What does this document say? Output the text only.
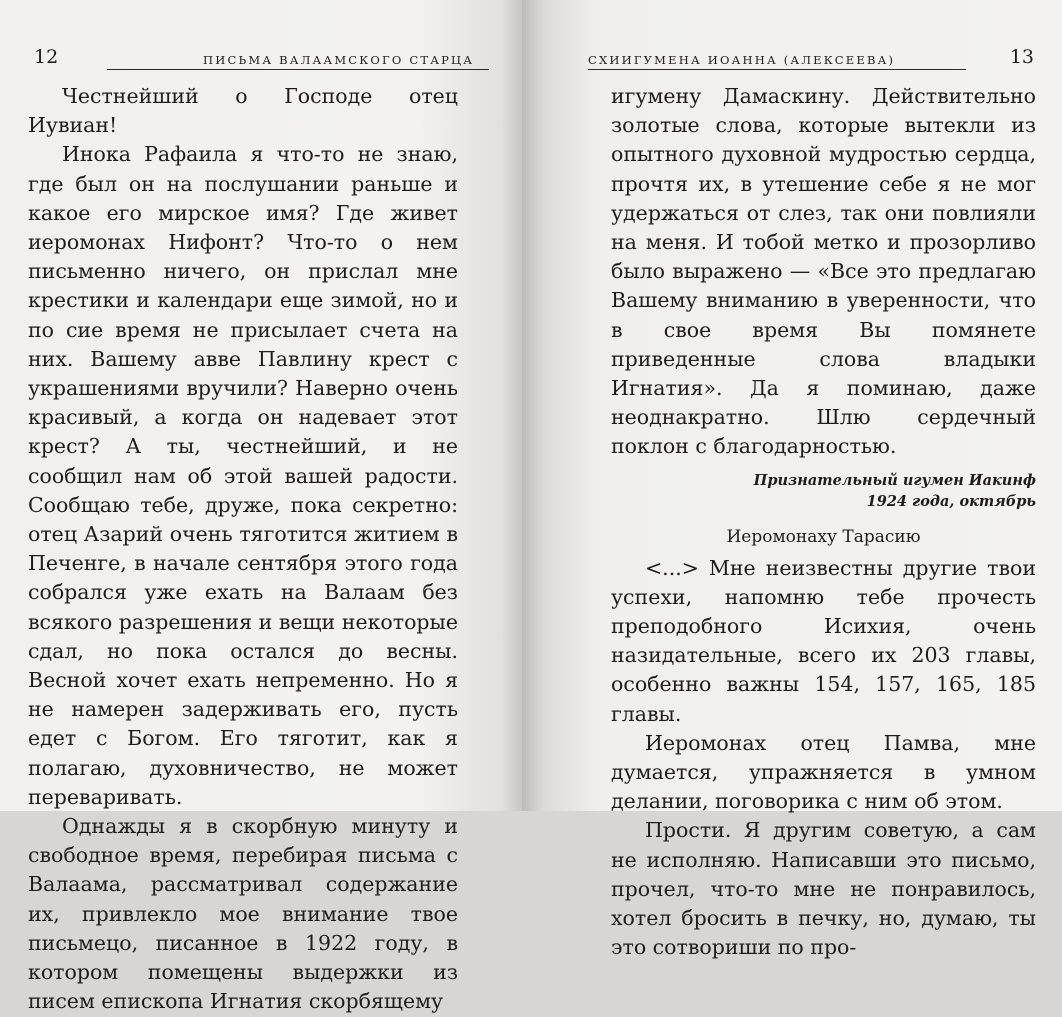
12	ПИСЬМА ВАЛААМСКОГО СТАРЦА

Честнейший о Господе отец Иувиан!

Инока Рафаила я что-то не знаю, где был он на послушании раньше и какое его мирское имя? Где живет иеромонах Нифонт? Что-то о нем письменно ничего, он прислал мне крестики и календари еще зимой, но и по сие время не присылает счета на них. Вашему авве Павлину крест с украшениями вручили? Наверно очень красивый, а когда он надевает этот крест? А ты, честнейший, и не сообщил нам об этой вашей радости. Сообщаю тебе, друже, пока секретно: отец Азарий очень тяготится житием в Печенге, в начале сентября этого года собрался уже ехать на Валаам без всякого разрешения и вещи некоторые сдал, но пока остался до весны. Весной хочет ехать непременно. Но я не намерен задерживать его, пусть едет с Богом. Его тяготит, как я полагаю, духовничество, не может переваривать.

Однажды я в скорбную минуту и свободное время, перебирая письма с Валаама, рассматривал содержание их, привлекло мое внимание твое письмецо, писанное в 1922 году, в котором помещены выдержки из писем епископа Игнатия скорбящему

СХИИГУМЕНА ИОАННА (АЛЕКСЕЕВА)	13

игумену Дамаскину. Действительно золотые слова, которые вытекли из опытного духовной мудростью сердца, прочтя их, в утешение себе я не мог удержаться от слез, так они повлияли на меня. И тобой метко и прозорливо было выражено — «Все это предлагаю Вашему вниманию в уверенности, что в свое время Вы помянете приведенные слова владыки Игнатия». Да я поминаю, даже неоднакратно. Шлю сердечный поклон с благодарностью.

Признательный игумен Иакинф
1924 года, октябрь
Иеромонаху Тарасию

<...> Мне неизвестны другие твои успехи, напомню тебе прочесть преподобного Исихия, очень назидательные, всего их 203 главы, особенно важны 154, 157, 165, 185 главы.

Иеромонах отец Памва, мне думается, упражняется в умном делании, поговорика с ним об этом.

Прости. Я другим советую, а сам не исполняю. Написавши это письмо, прочел, что-то мне не понравилось, хотел бросить в печку, но, думаю, ты это сотвориши по про-
